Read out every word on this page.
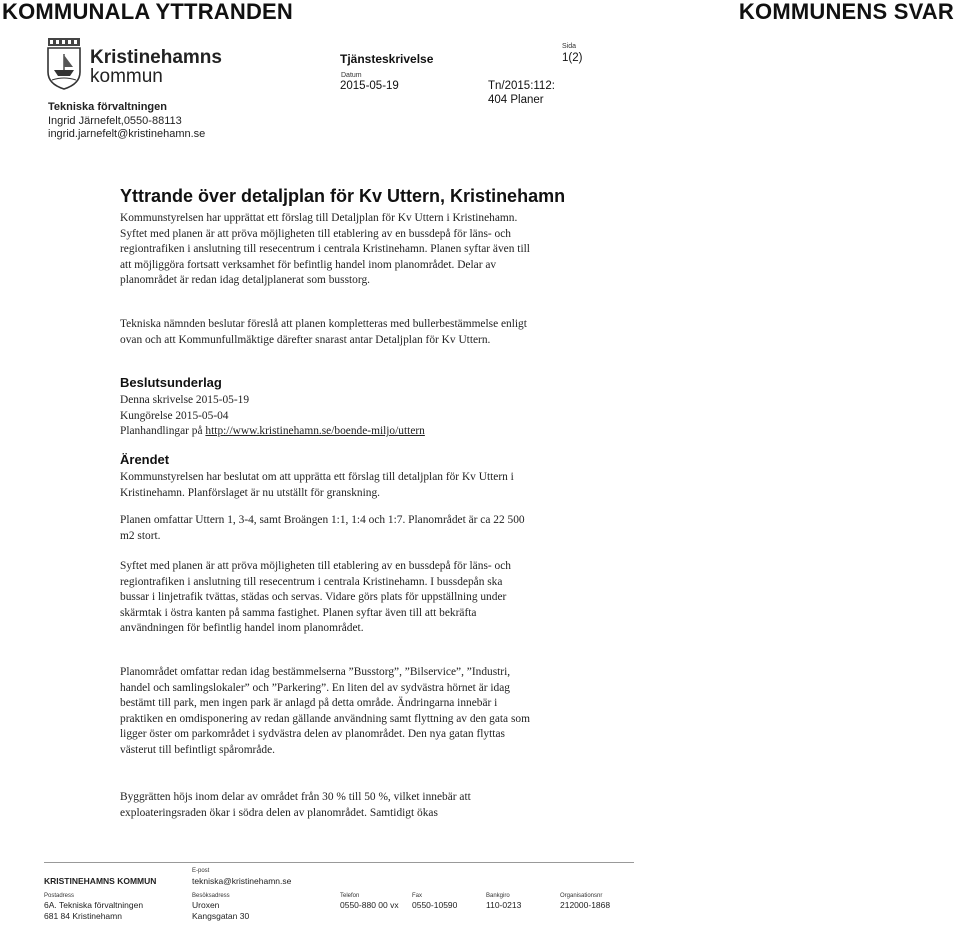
KOMMUNALA YTTRANDEN	KOMMUNENS SVAR
Kristinehamns
kommun
Tekniska förvaltningen
Ingrid Järnefelt,0550-88113
ingrid.jarnefelt@kristinehamn.se
Tjänsteskrivelse
Datum
2015-05-19	Tn/2015:112:
404 Planer
Sida
1(2)
Yttrande över detaljplan för Kv Uttern, Kristinehamn

Kommunstyrelsen har upprättat ett förslag till Detaljplan för Kv Uttern i Kristinehamn. Syftet med planen är att pröva möjligheten till etablering av en bussdepå för läns- och regiontrafiken i anslutning till resecentrum i centrala Kristinehamn. Planen syftar även till att möjliggöra fortsatt verksamhet för befintlig handel inom planområdet. Delar av planområdet är redan idag detaljplanerat som busstorg.

Tekniska nämnden beslutar föreslå att planen kompletteras med bullerbestämmelse enligt ovan och att Kommunfullmäktige därefter snarast antar Detaljplan för Kv Uttern.

Beslutsunderlag

Denna skrivelse 2015-05-19

Kungörelse 2015-05-04

Planhandlingar på http://www.kristinehamn.se/boende-miljo/uttern

Ärendet

Kommunstyrelsen har beslutat om att upprätta ett förslag till detaljplan för Kv Uttern i Kristinehamn. Planförslaget är nu utställt för granskning.

Planen omfattar Uttern 1, 3-4, samt Broängen 1:1, 1:4 och 1:7. Planområdet är ca 22 500 m2 stort.

Syftet med planen är att pröva möjligheten till etablering av en bussdepå för läns- och regiontrafiken i anslutning till resecentrum i centrala Kristinehamn. I bussdepån ska bussar i linjetrafik tvättas, städas och servas. Vidare görs plats för uppställning under skärmtak i östra kanten på samma fastighet. Planen syftar även till att bekräfta användningen för befintlig handel inom planområdet.

Planområdet omfattar redan idag bestämmelserna ”Busstorg”, ”Bilservice”, ”Industri, handel och samlingslokaler” och ”Parkering”. En liten del av sydvästra hörnet är idag bestämt till park, men ingen park är anlagd på detta område. Ändringarna innebär i praktiken en omdisponering av redan gällande användning samt flyttning av den gata som ligger öster om parkområdet i sydvästra delen av planområdet. Den nya gatan flyttas västerut till befintligt spårområde.

Byggrätten höjs inom delar av området från 30 % till 50 %, vilket innebär att exploateringsraden ökar i södra delen av planområdet. Samtidigt ökas

KRISTINEHAMNS KOMMUN
Postadress
6A. Tekniska förvaltningen
681 84 Kristinehamn
E-post
tekniska@kristinehamn.se
Besöksadress
Uroxen
Kangsgatan 30
Telefon
0550-880 00 vx
Fax
0550-10590
Bankgiro
110-0213
Organisationsnr
212000-1868
